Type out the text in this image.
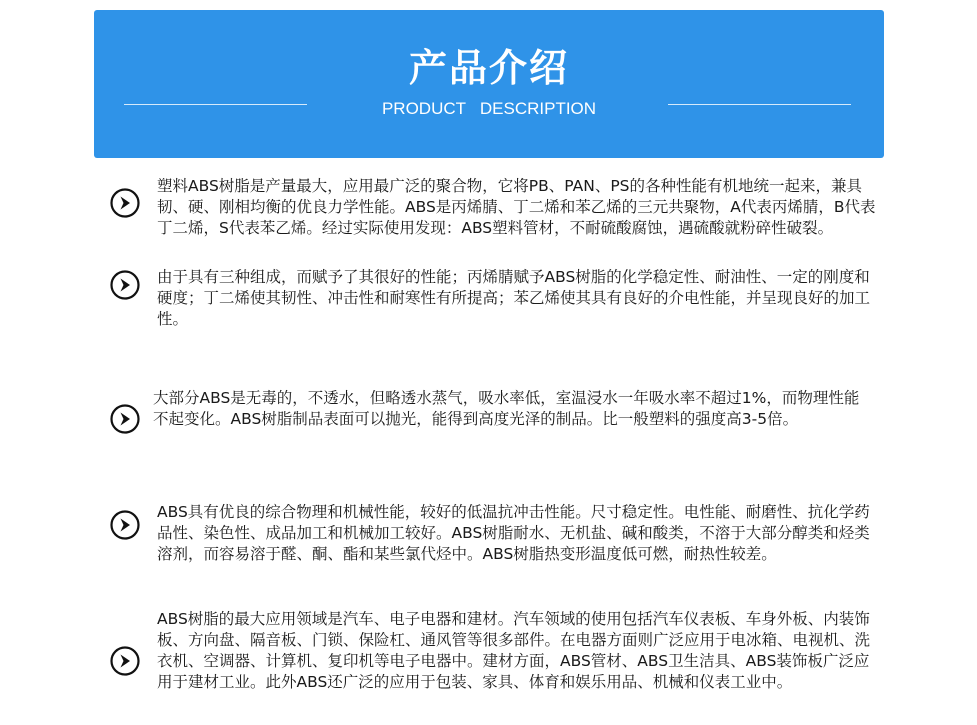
产品介绍
PRODUCT   DESCRIPTION
塑料ABS树脂是产量最大，应用最广泛的聚合物，它将PB、PAN、PS的各种性能有机地统一起来，兼具韧、硬、刚相均衡的优良力学性能。ABS是丙烯腈、丁二烯和苯乙烯的三元共聚物，A代表丙烯腈，B代表丁二烯，S代表苯乙烯。经过实际使用发现：ABS塑料管材，不耐硫酸腐蚀，遇硫酸就粉碎性破裂。
由于具有三种组成，而赋予了其很好的性能；丙烯腈赋予ABS树脂的化学稳定性、耐油性、一定的刚度和硬度；丁二烯使其韧性、冲击性和耐寒性有所提高；苯乙烯使其具有良好的介电性能，并呈现良好的加工性。
大部分ABS是无毒的，不透水，但略透水蒸气，吸水率低，室温浸水一年吸水率不超过1%，而物理性能不起变化。ABS树脂制品表面可以抛光，能得到高度光泽的制品。比一般塑料的强度高3-5倍。
ABS具有优良的综合物理和机械性能，较好的低温抗冲击性能。尺寸稳定性。电性能、耐磨性、抗化学药品性、染色性、成品加工和机械加工较好。ABS树脂耐水、无机盐、碱和酸类，不溶于大部分醇类和烃类溶剂，而容易溶于醛、酮、酯和某些氯代烃中。ABS树脂热变形温度低可燃，耐热性较差。
ABS树脂的最大应用领域是汽车、电子电器和建材。汽车领域的使用包括汽车仪表板、车身外板、内装饰板、方向盘、隔音板、门锁、保险杠、通风管等很多部件。在电器方面则广泛应用于电冰箱、电视机、洗衣机、空调器、计算机、复印机等电子电器中。建材方面，ABS管材、ABS卫生洁具、ABS装饰板广泛应用于建材工业。此外ABS还广泛的应用于包装、家具、体育和娱乐用品、机械和仪表工业中。
